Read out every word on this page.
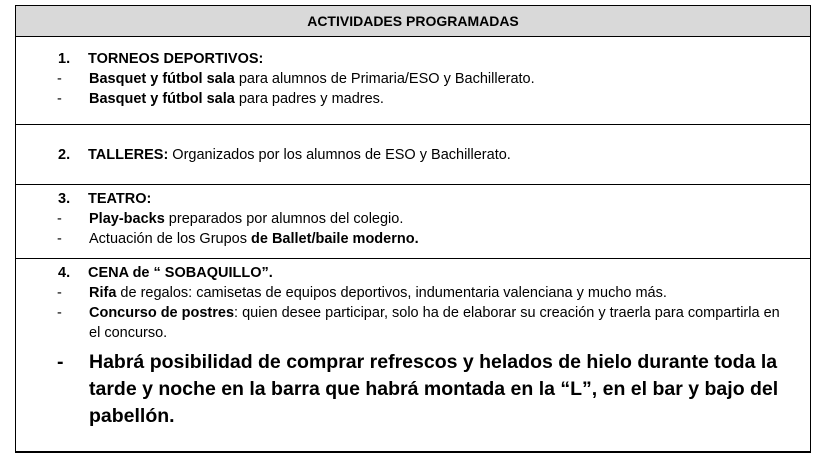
ACTIVIDADES PROGRAMADAS
1. TORNEOS DEPORTIVOS:
- Basquet y fútbol sala para alumnos de Primaria/ESO y Bachillerato.
- Basquet y fútbol sala para padres y madres.
2. TALLERES: Organizados por los alumnos de ESO y Bachillerato.
3. TEATRO:
- Play-backs preparados por alumnos del colegio.
- Actuación de los Grupos de Ballet/baile moderno.
4. CENA de “ SOBAQUILLO”.
- Rifa de regalos: camisetas de equipos deportivos, indumentaria valenciana y mucho más.
- Concurso de postres: quien desee participar, solo ha de elaborar su creación y traerla para compartirla en el concurso.
- Habrá posibilidad de comprar refrescos y helados de hielo durante toda la tarde y noche en la barra que habrá montada en la “L”, en el bar y bajo del pabellón.
